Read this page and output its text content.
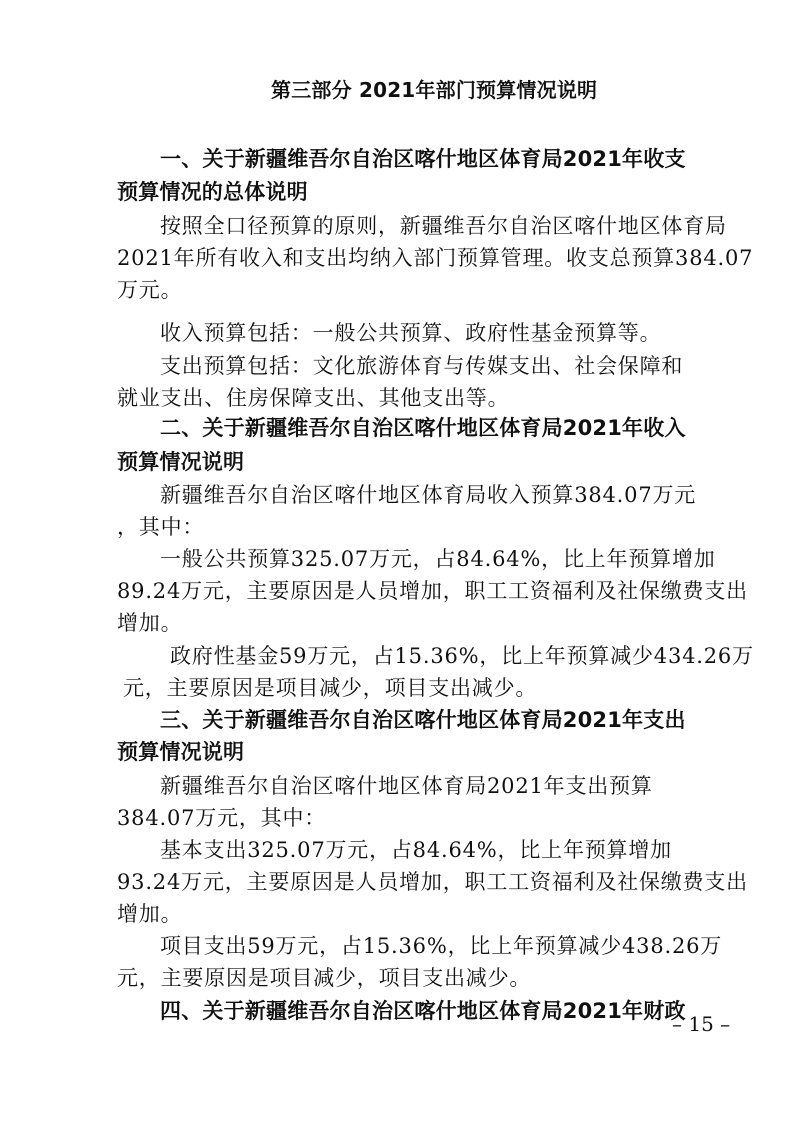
第三部分 2021年部门预算情况说明
一、关于新疆维吾尔自治区喀什地区体育局2021年收支
预算情况的总体说明
按照全口径预算的原则，新疆维吾尔自治区喀什地区体育局
2021年所有收入和支出均纳入部门预算管理。收支总预算384.07
万元。
收入预算包括：一般公共预算、政府性基金预算等。
支出预算包括：文化旅游体育与传媒支出、社会保障和
就业支出、住房保障支出、其他支出等。
二、关于新疆维吾尔自治区喀什地区体育局2021年收入
预算情况说明
新疆维吾尔自治区喀什地区体育局收入预算384.07万元
，其中：
一般公共预算325.07万元，占84.64%，比上年预算增加
89.24万元，主要原因是人员增加，职工工资福利及社保缴费支出
增加。
政府性基金59万元，占15.36%，比上年预算减少434.26万
元，主要原因是项目减少，项目支出减少。
三、关于新疆维吾尔自治区喀什地区体育局2021年支出
预算情况说明
新疆维吾尔自治区喀什地区体育局2021年支出预算
384.07万元，其中：
基本支出325.07万元，占84.64%，比上年预算增加
93.24万元，主要原因是人员增加，职工工资福利及社保缴费支出
增加。
项目支出59万元，占15.36%，比上年预算减少438.26万
元，主要原因是项目减少，项目支出减少。
四、关于新疆维吾尔自治区喀什地区体育局2021年财政
– 15 –
